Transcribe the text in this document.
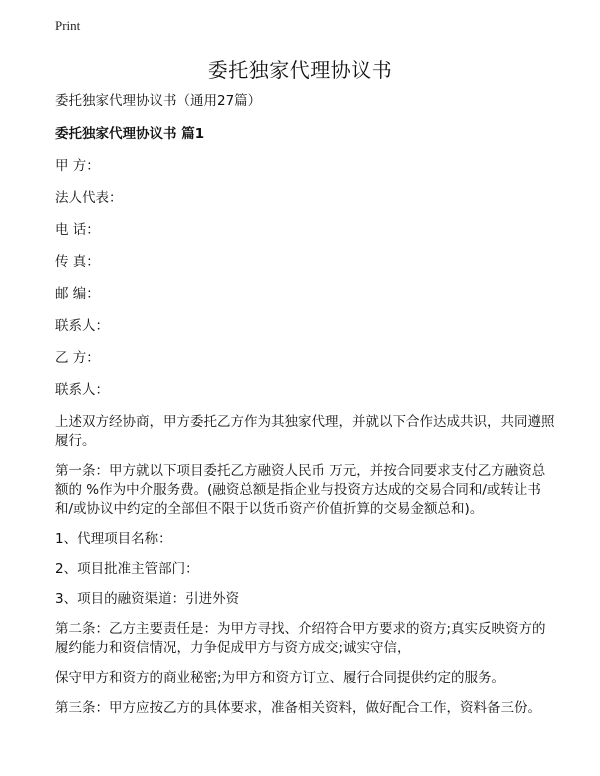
Print
委托独家代理协议书

委托独家代理协议书（通用27篇）

委托独家代理协议书 篇1

甲 方：

法人代表：

电 话：

传 真：

邮 编：

联系人：

乙 方：

联系人：

上述双方经协商，甲方委托乙方作为其独家代理，并就以下合作达成共识，共同遵照履行。

第一条：甲方就以下项目委托乙方融资人民币 万元，并按合同要求支付乙方融资总额的 %作为中介服务费。(融资总额是指企业与投资方达成的交易合同和/或转让书和/或协议中约定的全部但不限于以货币资产价值折算的交易金额总和)。

1、代理项目名称：

2、项目批准主管部门：

3、项目的融资渠道：引进外资

第二条：乙方主要责任是：为甲方寻找、介绍符合甲方要求的资方;真实反映资方的履约能力和资信情况，力争促成甲方与资方成交;诚实守信，

保守甲方和资方的商业秘密;为甲方和资方订立、履行合同提供约定的服务。

第三条：甲方应按乙方的具体要求，准备相关资料，做好配合工作，资料备三份。
